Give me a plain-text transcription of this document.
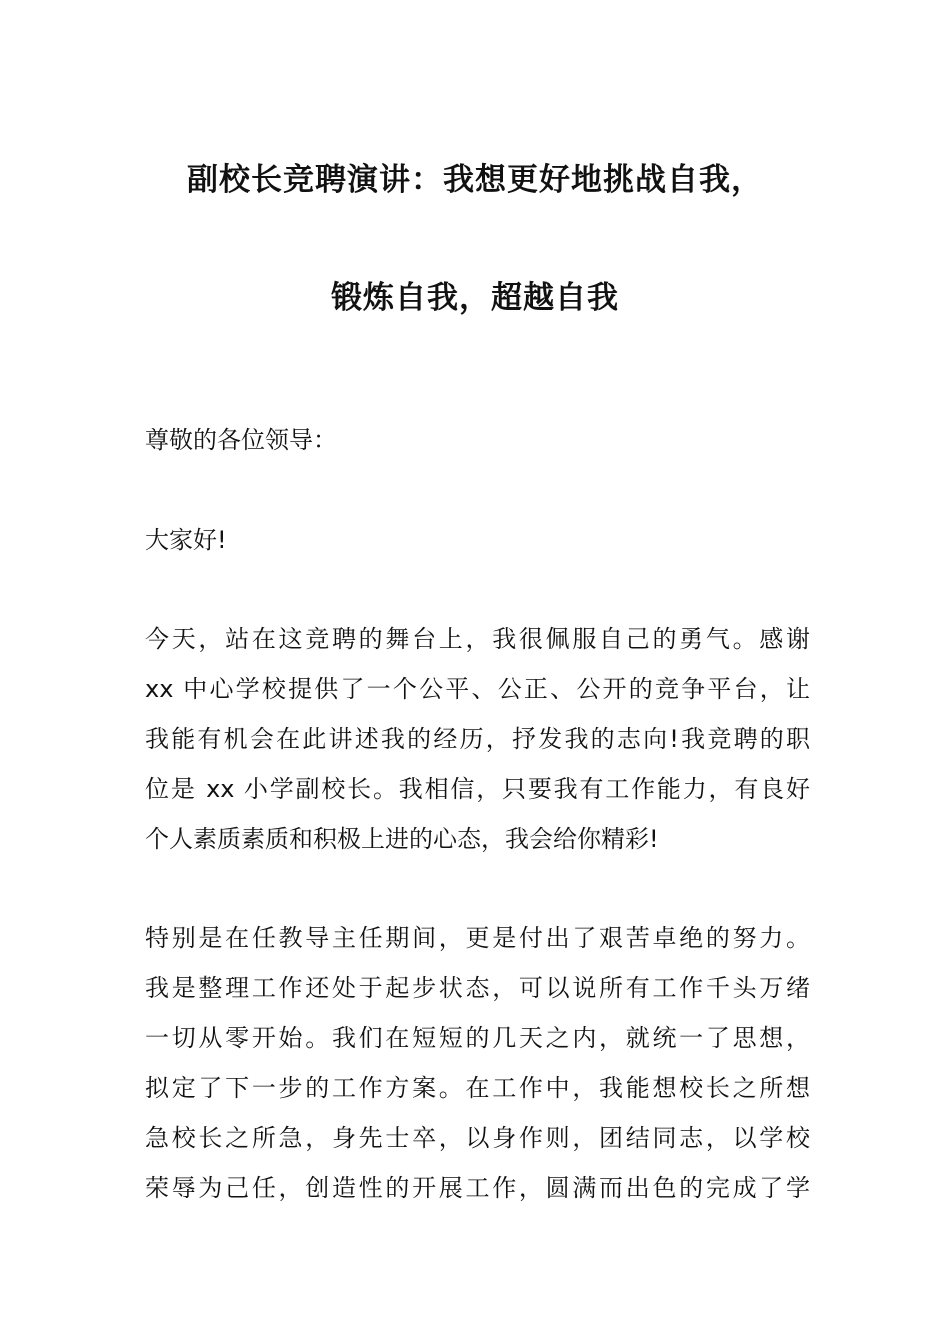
副校长竞聘演讲：我想更好地挑战自我，
锻炼自我，超越自我

尊敬的各位领导：

大家好!

今天，站在这竞聘的舞台上，我很佩服自己的勇气。感谢
xx 中心学校提供了一个公平、公正、公开的竞争平台，让
我能有机会在此讲述我的经历，抒发我的志向!我竞聘的职
位是 xx 小学副校长。我相信，只要我有工作能力，有良好
个人素质素质和积极上进的心态，我会给你精彩!
特别是在任教导主任期间，更是付出了艰苦卓绝的努力。
我是整理工作还处于起步状态，可以说所有工作千头万绪
一切从零开始。我们在短短的几天之内，就统一了思想，
拟定了下一步的工作方案。在工作中，我能想校长之所想
急校长之所急，身先士卒，以身作则，团结同志，以学校
荣辱为己任，创造性的开展工作，圆满而出色的完成了学
